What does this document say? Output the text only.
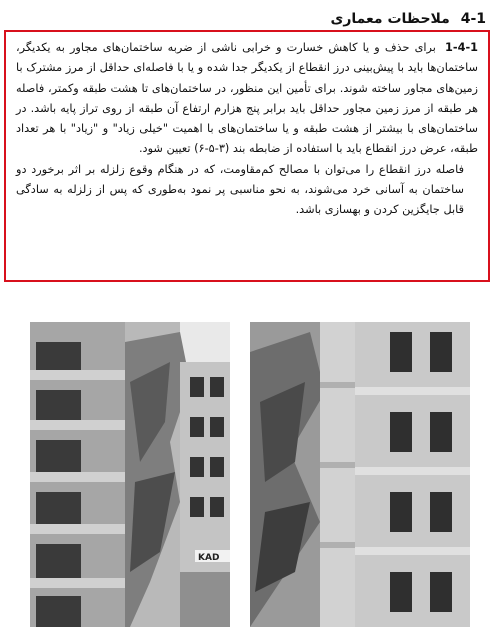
4-1 ملاحظات معماری

1-4-1 برای حذف و یا کاهش خسارت و خرابی ناشی از ضربه ساختمان‌های مجاور به یکدیگر، ساختمان‌ها باید با پیش‌بینی درز انقطاع از یکدیگر جدا شده و یا با فاصله‌ای حداقل از مرز مشترک با زمین‌های مجاور ساخته شوند. برای تأمین این منظور، در ساختمان‌های تا هشت طبقه وکمتر، فاصله هر طبقه از مرز زمین مجاور حداقل باید برابر پنج هزارم ارتفاع آن طبقه از روی تراز پایه باشد. در ساختمان‌های با بیشتر از هشت طبقه و یا ساختمان‌های با اهمیت "خیلی زیاد" و "زیاد" با هر تعداد طبقه، عرض درز انقطاع باید با استفاده از ضابطه بند (۳-۵-۶) تعیین شود.

فاصله درز انقطاع را می‌توان با مصالح کم‌مقاومت، که در هنگام وقوع زلزله بر اثر برخورد دو ساختمان به آسانی خرد می‌شوند، به نحو مناسبی پر نمود به‌طوری که پس از زلزله به سادگی قابل جایگزین کردن و بهسازی باشد.

KAD
